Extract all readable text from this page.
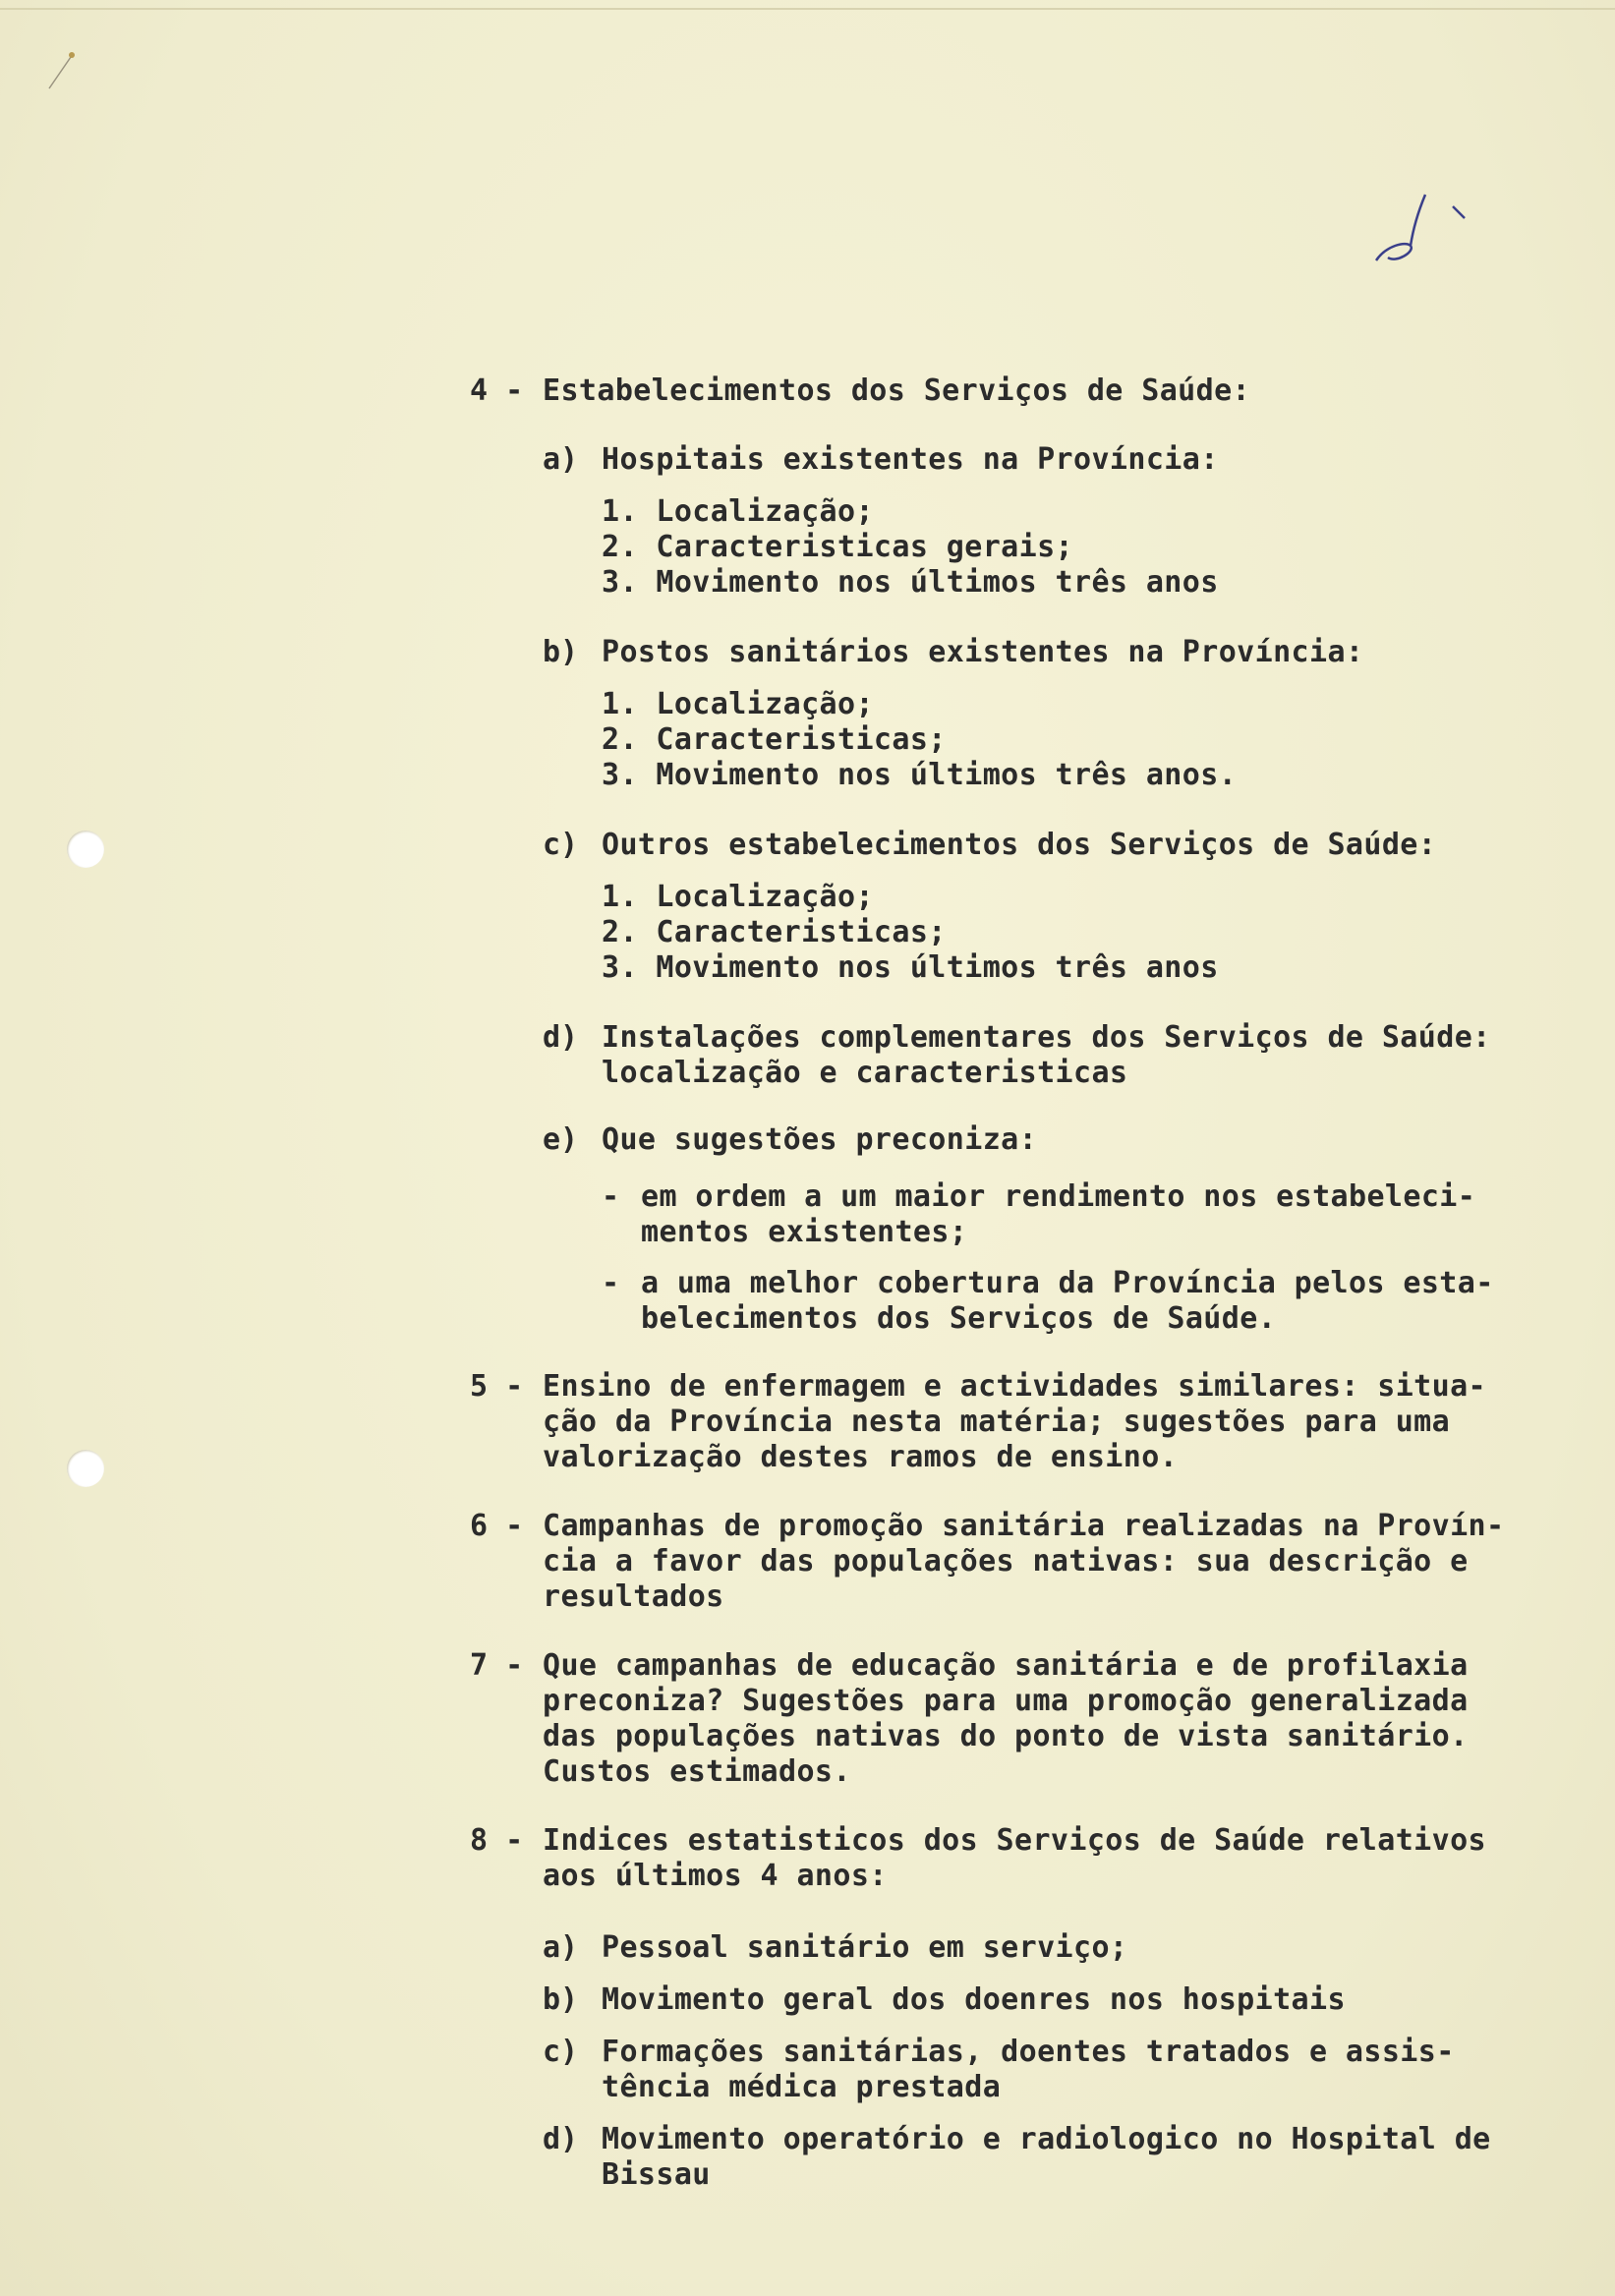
4 - Estabelecimentos dos Serviços de Saúde:
a) Hospitais existentes na Província:
1. Localização;
2. Caracteristicas gerais;
3. Movimento nos últimos três anos
b) Postos sanitários existentes na Província:
1. Localização;
2. Caracteristicas;
3. Movimento nos últimos três anos.
c) Outros estabelecimentos dos Serviços de Saúde:
1. Localização;
2. Caracteristicas;
3. Movimento nos últimos três anos
d) Instalações complementares dos Serviços de Saúde:
localização e caracteristicas
e) Que sugestões preconiza:
- em ordem a um maior rendimento nos estabeleci-
mentos existentes;
- a uma melhor cobertura da Província pelos esta-
belecimentos dos Serviços de Saúde.
5 - Ensino de enfermagem e actividades similares: situa-
ção da Província nesta matéria; sugestões para uma
valorização destes ramos de ensino.
6 - Campanhas de promoção sanitária realizadas na Provín-
cia a favor das populações nativas: sua descrição e
resultados
7 - Que campanhas de educação sanitária e de profilaxia
preconiza? Sugestões para uma promoção generalizada
das populações nativas do ponto de vista sanitário.
Custos estimados.
8 - Indices estatisticos dos Serviços de Saúde relativos
aos últimos 4 anos:
a) Pessoal sanitário em serviço;
b) Movimento geral dos doenres nos hospitais
c) Formações sanitárias, doentes tratados e assis-
tência médica prestada
d) Movimento operatório e radiologico no Hospital de
Bissau
